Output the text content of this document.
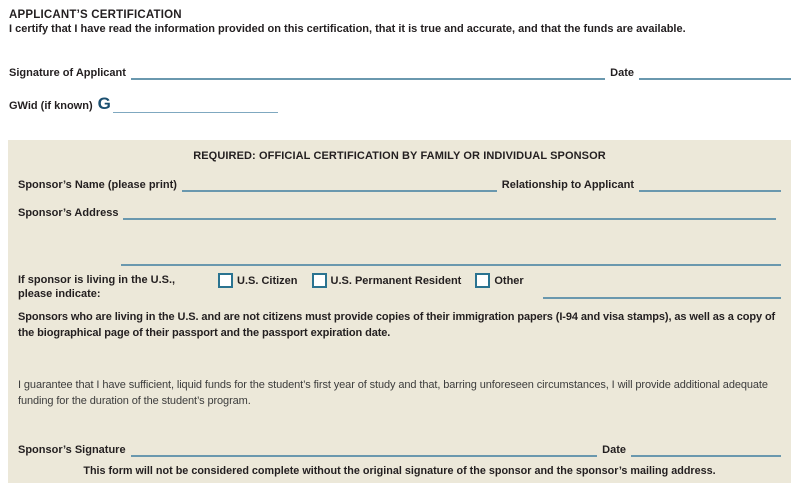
APPLICANT’S CERTIFICATION
I certify that I have read the information provided on this certification, that it is true and accurate, and that the funds are available.
Signature of Applicant	Date
GWid (if known) G
REQUIRED: OFFICIAL CERTIFICATION BY FAMILY OR INDIVIDUAL SPONSOR
Sponsor’s Name (please print)	Relationship to Applicant
Sponsor’s Address
If sponsor is living in the U.S.,
please indicate:
U.S. Citizen	U.S. Permanent Resident	Other
Sponsors who are living in the U.S. and are not citizens must provide copies of their immigration papers (I-94 and visa stamps), as well as a copy of the biographical page of their passport and the passport expiration date.
I guarantee that I have sufficient, liquid funds for the student’s first year of study and that, barring unforeseen circumstances, I will provide additional adequate funding for the duration of the student’s program.
Sponsor’s Signature	Date
This form will not be considered complete without the original signature of the sponsor and the sponsor’s mailing address.
